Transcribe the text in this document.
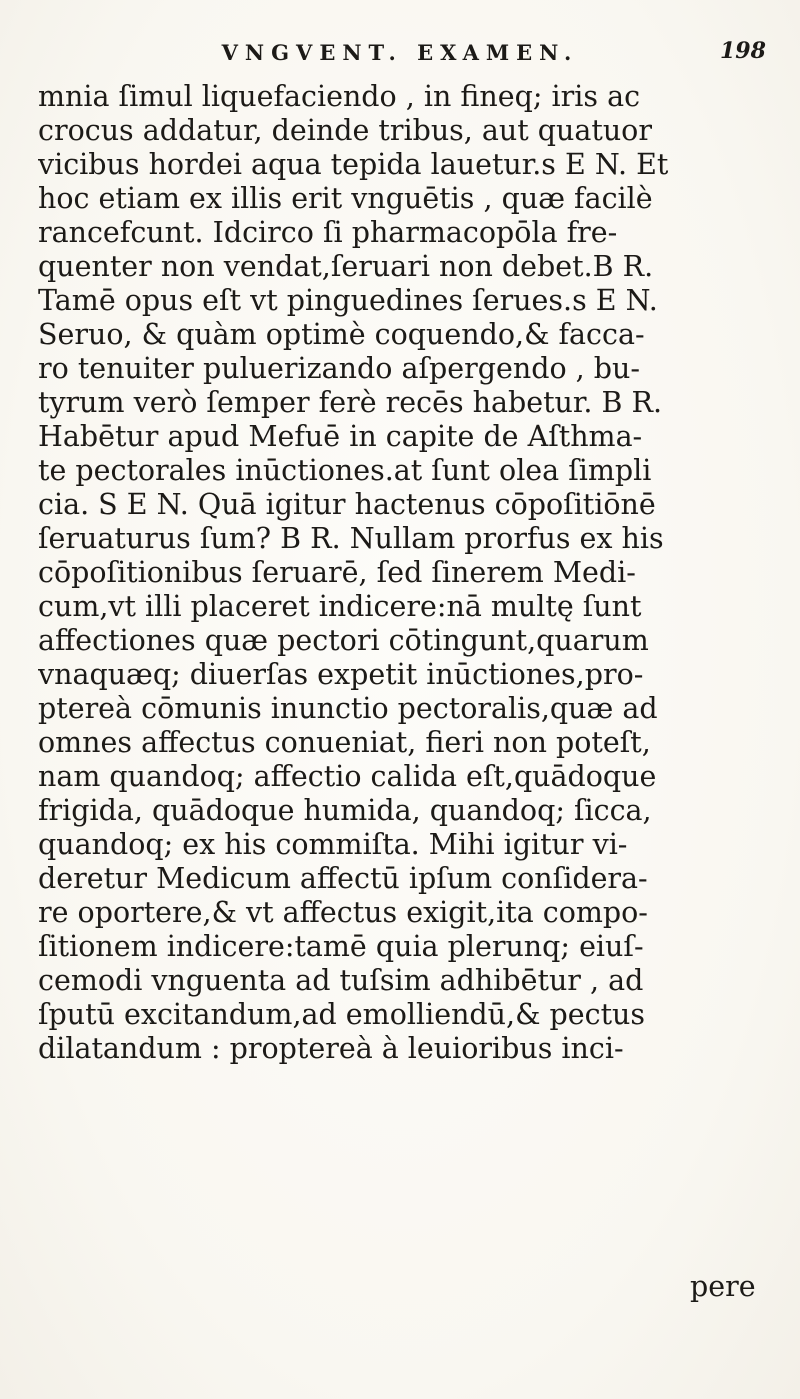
VNGVENT. EXAMEN.	198
mnia ſimul liquefaciendo , in fineq; iris ac
crocus addatur, deinde tribus, aut quatuor
vicibus hordei aqua tepida lauetur.s E N. Et
hoc etiam ex illis erit vnguētis , quæ facilè
rancefcunt. Idcirco ſi pharmacopōla fre-
quenter non vendat,ſeruari non debet.B R.
Tamē opus eſt vt pinguedines ſerues.s E N.
Seruo, & quàm optimè coquendo,& facca-
ro tenuiter puluerizando aſpergendo , bu-
tyrum verò ſemper ferè recēs habetur. B R.
Habētur apud Mefuē in capite de Aſthma-
te pectorales inūctiones.at ſunt olea ſimpli
cia. S E N. Quā igitur hactenus cōpoſitiōnē
ſeruaturus ſum? B R. Nullam prorfus ex his
cōpoſitionibus ſeruarē, ſed ſinerem Medi-
cum,vt illi placeret indicere:nā multę ſunt
affectiones quæ pectori cōtingunt,quarum
vnaquæq; diuerſas expetit inūctiones,pro-
ptereà cōmunis inunctio pectoralis,quæ ad
omnes affectus conueniat, fieri non poteſt,
nam quandoq; affectio calida eſt,quādoque
frigida, quādoque humida, quandoq; ſicca,
quandoq; ex his commiſta. Mihi igitur vi-
deretur Medicum affectū ipſum conſidera-
re oportere,& vt affectus exigit,ita compo-
ſitionem indicere:tamē quia plerunq; eiuſ-
cemodi vnguenta ad tuſsim adhibētur , ad
ſputū excitandum,ad emolliendū,& pectus
dilatandum : proptereà à leuioribus inci-
pere
